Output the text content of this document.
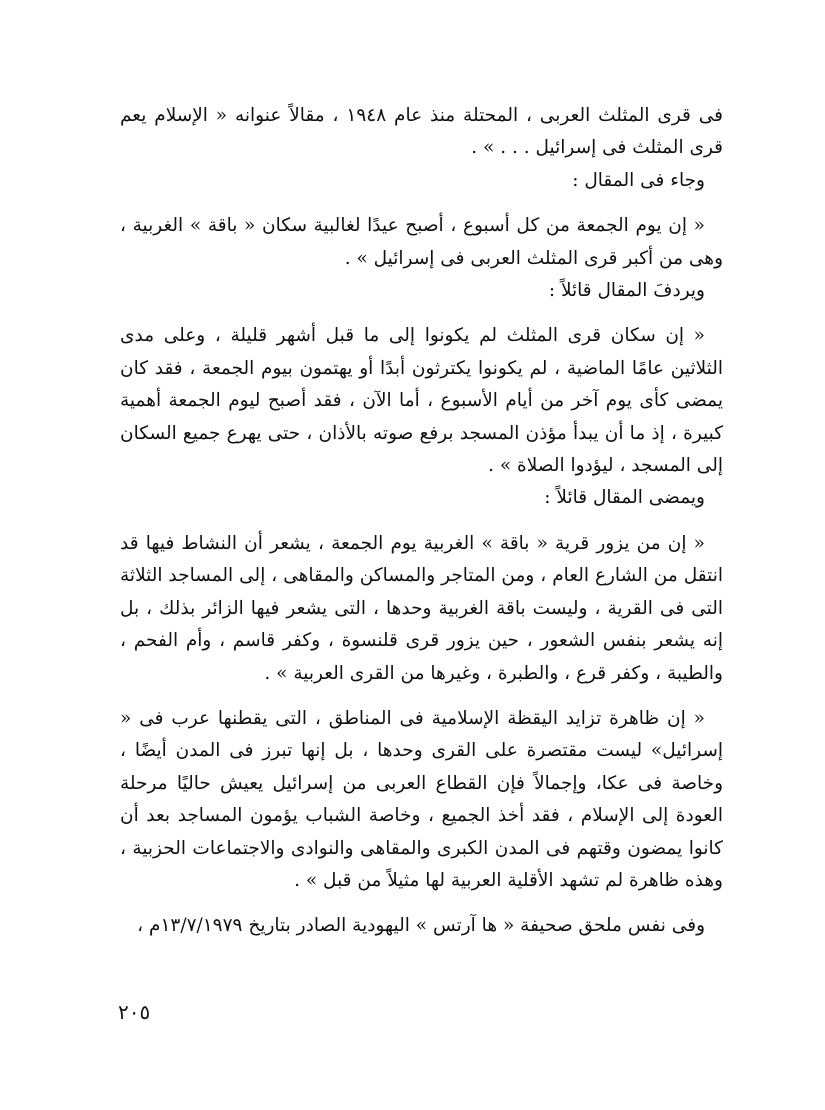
فى قرى المثلث العربى ، المحتلة منذ عام ١٩٤٨ ، مقالاً عنوانه « الإسلام يعم قرى المثلث فى إسرائيل . . . » .

وجاء فى المقال :

« إن يوم الجمعة من كل أسبوع ، أصبح عيدًا لغالبية سكان « باقة » الغربية ، وهى من أكبر قرى المثلث العربى فى إسرائيل » .

ويردفَ المقال قائلاً :

« إن سكان قرى المثلث لم يكونوا إلى ما قبل أشهر قليلة ، وعلى مدى الثلاثين عامًا الماضية ، لم يكونوا يكترثون أبدًا أو يهتمون بيوم الجمعة ، فقد كان يمضى كأى يوم آخر من أيام الأسبوع ، أما الآن ، فقد أصبح ليوم الجمعة أهمية كبيرة ، إذ ما أن يبدأ مؤذن المسجد برفع صوته بالأذان ، حتى يهرع جميع السكان إلى المسجد ، ليؤدوا الصلاة » .

ويمضى المقال قائلاً :

« إن من يزور قرية « باقة » الغربية يوم الجمعة ، يشعر أن النشاط فيها قد انتقل من الشارع العام ، ومن المتاجر والمساكن والمقاهى ، إلى المساجد الثلاثة التى فى القرية ، وليست باقة الغربية وحدها ، التى يشعر فيها الزائر بذلك ، بل إنه يشعر بنفس الشعور ، حين يزور قرى قلنسوة ، وكفر قاسم ، وأم الفحم ، والطيبة ، وكفر قرع ، والطبرة ، وغيرها من القرى العربية » .

« إن ظاهرة تزايد اليقظة الإسلامية فى المناطق ، التى يقطنها عرب فى « إسرائيل» ليست مقتصرة على القرى وحدها ، بل إنها تبرز فى المدن أيضًا ، وخاصة فى عكا، وإجمالاً فإن القطاع العربى من إسرائيل يعيش حاليًا مرحلة العودة إلى الإسلام ، فقد أخذ الجميع ، وخاصة الشباب يؤمون المساجد بعد أن كانوا يمضون وقتهم فى المدن الكبرى والمقاهى والنوادى والاجتماعات الحزبية ، وهذه ظاهرة لم تشهد الأقلية العربية لها مثيلاً من قبل » .

وفى نفس ملحق صحيفة « ها آرتس » اليهودية الصادر بتاريخ ١٣/٧/١٩٧٩م ،

٢٠٥
